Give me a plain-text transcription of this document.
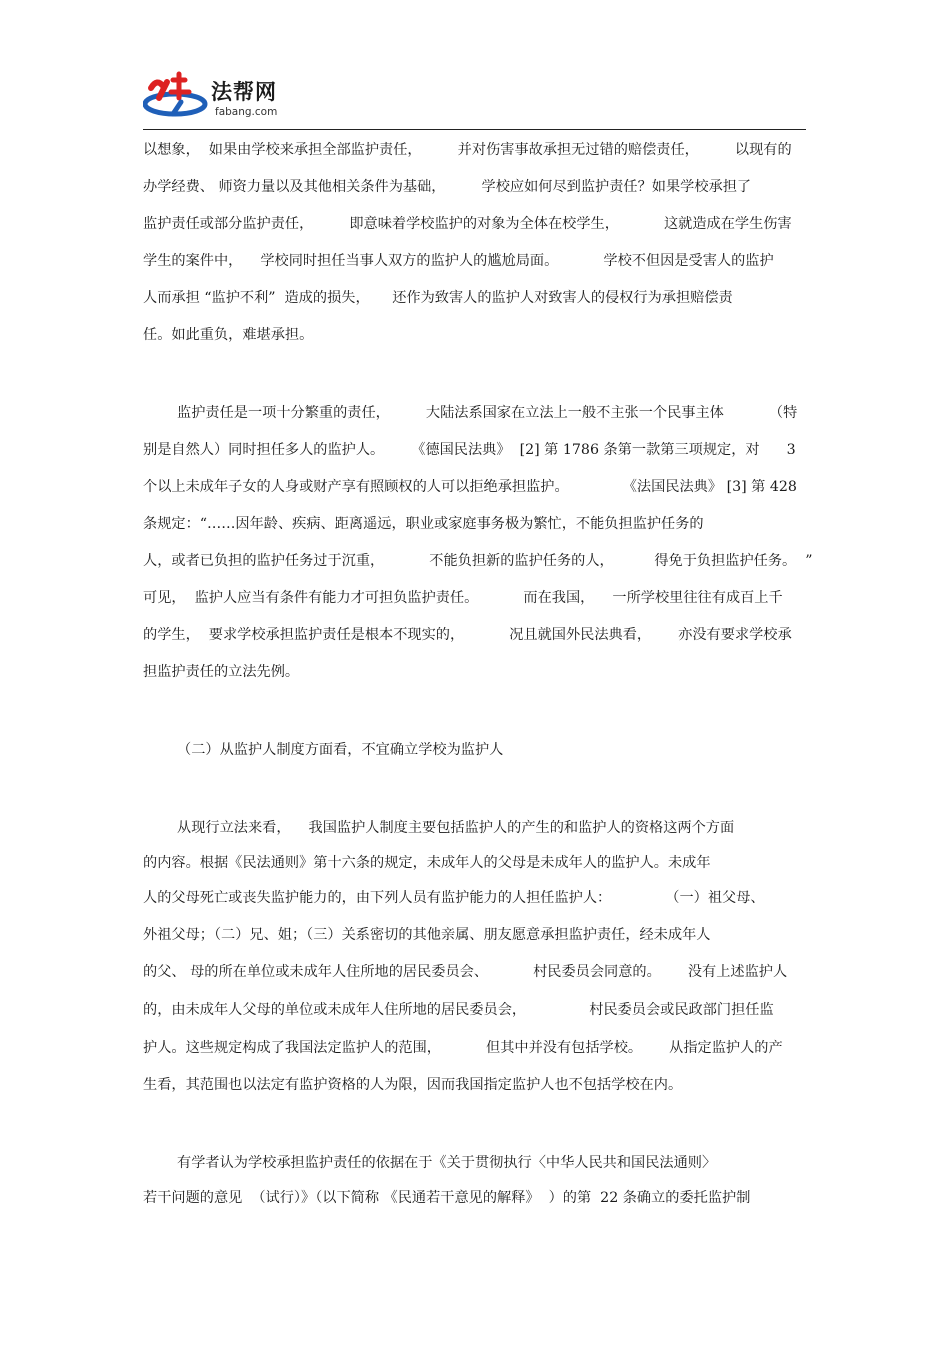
法帮网
fabang.com
以想象，  如果由学校来承担全部监护责任，        并对伤害事故承担无过错的赔偿责任，        以现有的
办学经费、 师资力量以及其他相关条件为基础，        学校应如何尽到监护责任？如果学校承担了
监护责任或部分监护责任，        即意味着学校监护的对象为全体在校学生，          这就造成在学生伤害
学生的案件中，    学校同时担任当事人双方的监护人的尴尬局面。          学校不但因是受害人的监护
人而承担 “监护不利”  造成的损失，     还作为致害人的监护人对致害人的侵权行为承担赔偿责
任。如此重负，难堪承担。
监护责任是一项十分繁重的责任，        大陆法系国家在立法上一般不主张一个民事主体          （特
别是自然人）同时担任多人的监护人。      《德国民法典》  [2] 第 1786 条第一款第三项规定，对      3
个以上未成年子女的人身或财产享有照顾权的人可以拒绝承担监护。            《法国民法典》 [3] 第 428
条规定：“……因年龄、疾病、距离遥远，职业或家庭事务极为繁忙，不能负担监护任务的
人，或者已负担的监护任务过于沉重，          不能负担新的监护任务的人，         得免于负担监护任务。  ”
可见，  监护人应当有条件有能力才可担负监护责任。          而在我国，    一所学校里往往有成百上千
的学生，  要求学校承担监护责任是根本不现实的，          况且就国外民法典看，      亦没有要求学校承
担监护责任的立法先例。
（二）从监护人制度方面看，不宜确立学校为监护人
从现行立法来看，    我国监护人制度主要包括监护人的产生的和监护人的资格这两个方面
的内容。根据《民法通则》第十六条的规定，未成年人的父母是未成年人的监护人。未成年
人的父母死亡或丧失监护能力的，由下列人员有监护能力的人担任监护人：            （一）祖父母、
外祖父母；（二）兄、姐；（三）关系密切的其他亲属、朋友愿意承担监护责任，经未成年人
的父、 母的所在单位或未成年人住所地的居民委员会、          村民委员会同意的。      没有上述监护人
的，由未成年人父母的单位或未成年人住所地的居民委员会，              村民委员会或民政部门担任监
护人。这些规定构成了我国法定监护人的范围，          但其中并没有包括学校。      从指定监护人的产
生看，其范围也以法定有监护资格的人为限，因而我国指定监护人也不包括学校在内。
有学者认为学校承担监护责任的依据在于《关于贯彻执行〈中华人民共和国民法通则〉
若干问题的意见  （试行）》（以下简称 《民通若干意见的解释》  ）的第  22 条确立的委托监护制
